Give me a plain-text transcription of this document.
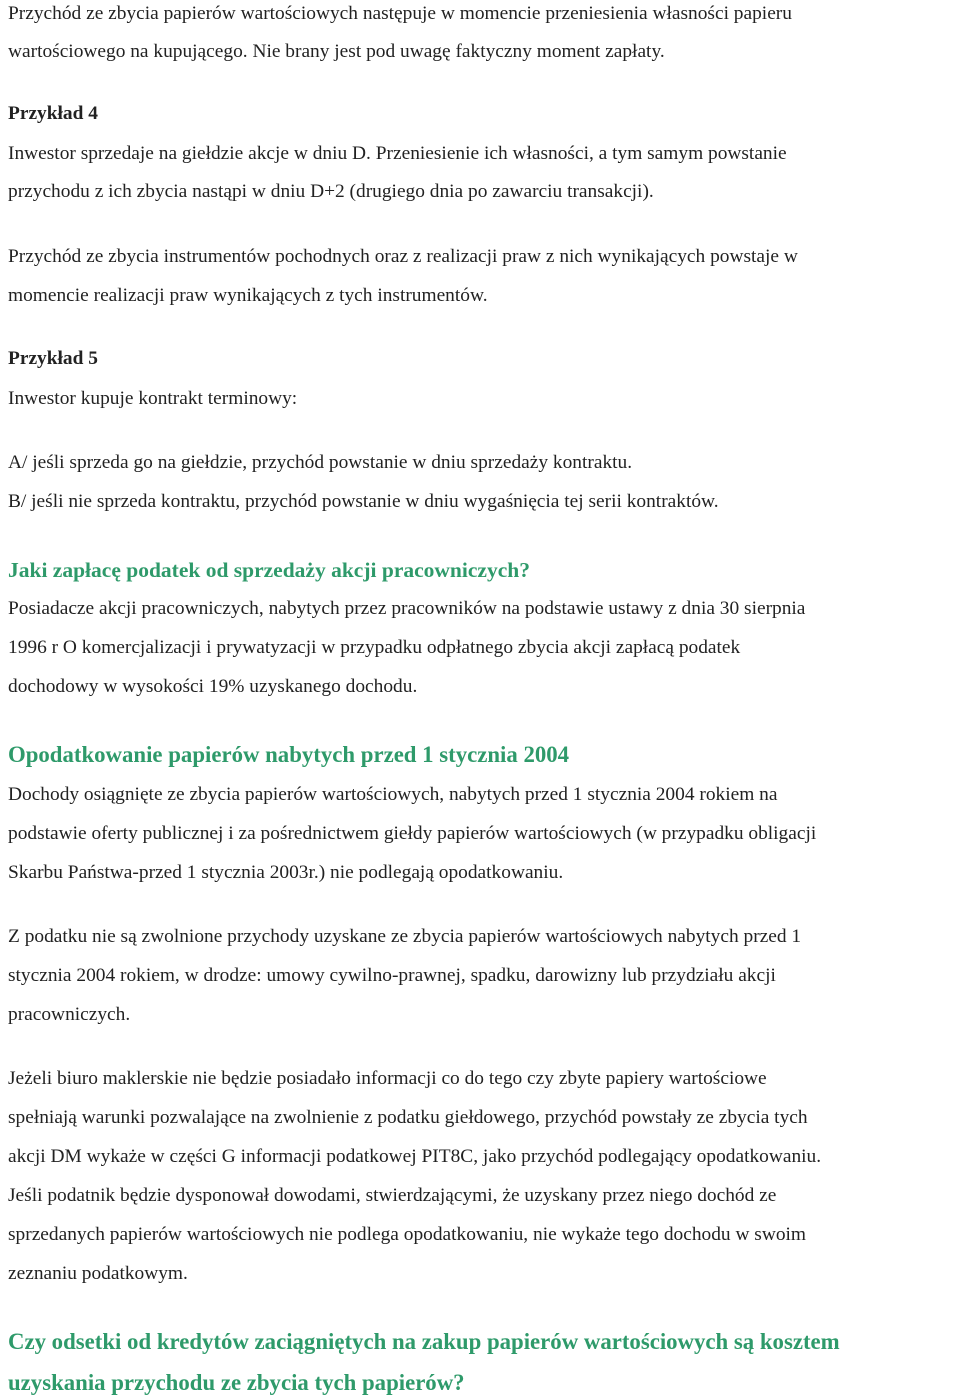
Przychód ze zbycia papierów wartościowych następuje w momencie przeniesienia własności papieru
wartościowego na kupującego. Nie brany jest pod uwagę faktyczny moment zapłaty.
Przykład 4
Inwestor sprzedaje na giełdzie akcje w dniu D. Przeniesienie ich własności, a tym samym powstanie
przychodu z ich zbycia nastąpi w dniu D+2 (drugiego dnia po zawarciu transakcji).
Przychód ze zbycia instrumentów pochodnych oraz z realizacji praw z nich wynikających powstaje w
momencie realizacji praw wynikających z tych instrumentów.
Przykład 5
Inwestor kupuje kontrakt terminowy:
A/ jeśli sprzeda go na giełdzie, przychód powstanie w dniu sprzedaży kontraktu.
B/ jeśli nie sprzeda kontraktu, przychód powstanie w dniu wygaśnięcia tej serii kontraktów.
Jaki zapłacę podatek od sprzedaży akcji pracowniczych?
Posiadacze akcji pracowniczych, nabytych przez pracowników na podstawie ustawy z dnia 30 sierpnia
1996 r O komercjalizacji i prywatyzacji w przypadku odpłatnego zbycia akcji zapłacą podatek
dochodowy w wysokości 19% uzyskanego dochodu.
Opodatkowanie papierów nabytych przed 1 stycznia 2004
Dochody osiągnięte ze zbycia papierów wartościowych, nabytych przed 1 stycznia 2004 rokiem na
podstawie oferty publicznej i za pośrednictwem giełdy papierów wartościowych (w przypadku obligacji
Skarbu Państwa-przed 1 stycznia 2003r.) nie podlegają opodatkowaniu.
Z podatku nie są zwolnione przychody uzyskane ze zbycia papierów wartościowych nabytych przed 1
stycznia 2004 rokiem, w drodze: umowy cywilno-prawnej, spadku, darowizny lub przydziału akcji
pracowniczych.
Jeżeli biuro maklerskie nie będzie posiadało informacji co do tego czy zbyte papiery wartościowe
spełniają warunki pozwalające na zwolnienie z podatku giełdowego, przychód powstały ze zbycia tych
akcji DM wykaże w części G informacji podatkowej PIT8C, jako przychód podlegający opodatkowaniu.
Jeśli podatnik będzie dysponował dowodami, stwierdzającymi, że uzyskany przez niego dochód ze
sprzedanych papierów wartościowych nie podlega opodatkowaniu, nie wykaże tego dochodu w swoim
zeznaniu podatkowym.
Czy odsetki od kredytów zaciągniętych na zakup papierów wartościowych są kosztem
uzyskania przychodu ze zbycia tych papierów?
